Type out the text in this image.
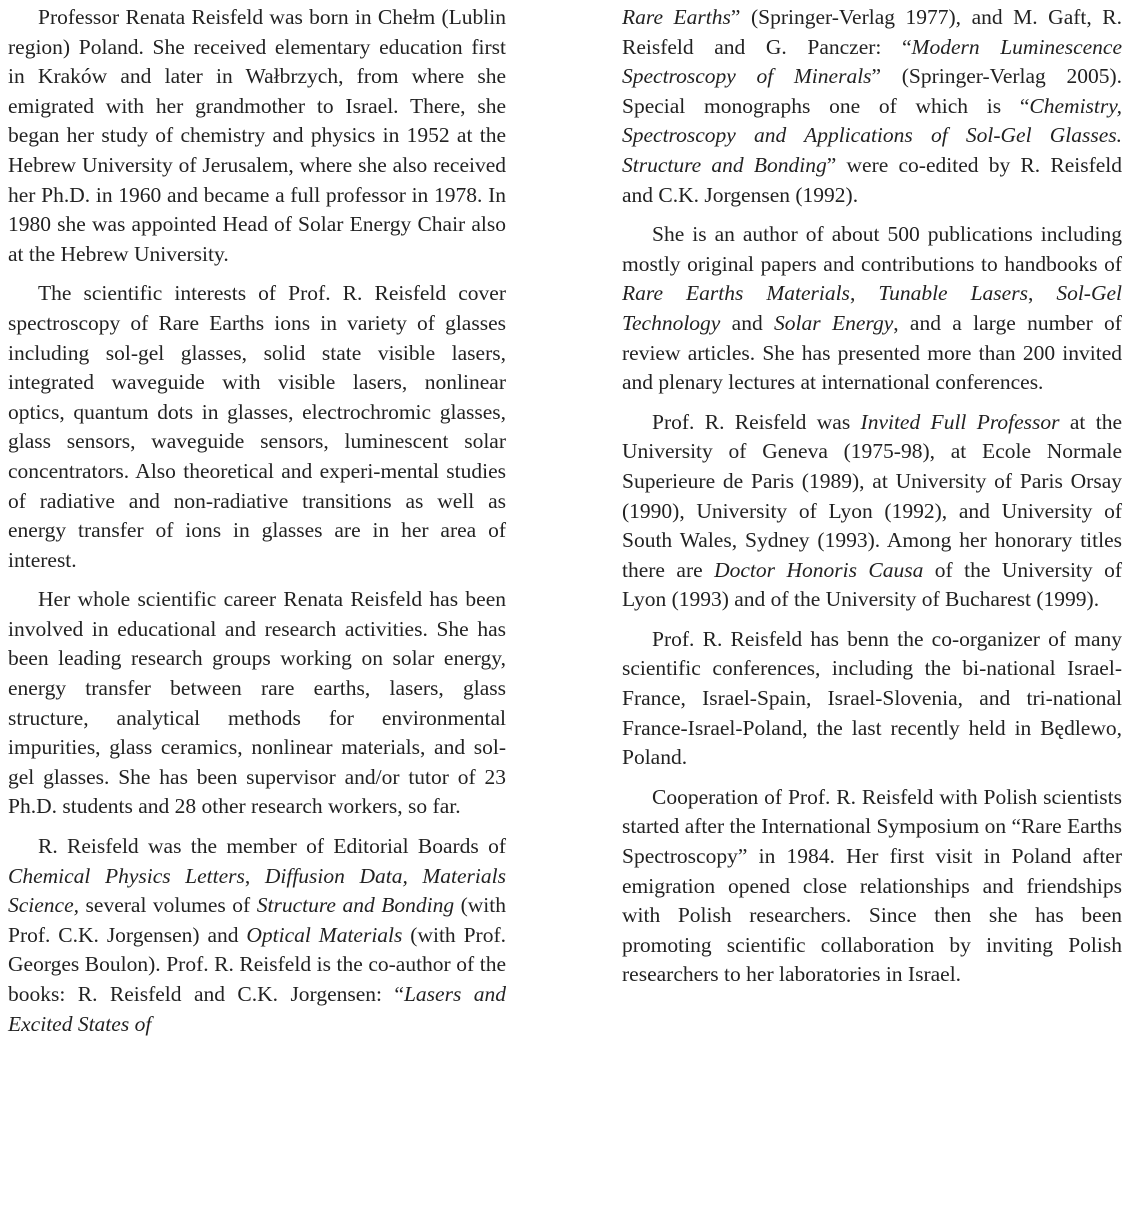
Professor Renata Reisfeld was born in Chełm (Lublin region) Poland. She received elementary education first in Kraków and later in Wałbrzych, from where she emigrated with her grandmother to Israel. There, she began her study of chemistry and physics in 1952 at the Hebrew University of Jerusalem, where she also received her Ph.D. in 1960 and became a full professor in 1978. In 1980 she was appointed Head of Solar Energy Chair also at the Hebrew University.

The scientific interests of Prof. R. Reisfeld cover spectroscopy of Rare Earths ions in variety of glasses including sol-gel glasses, solid state visible lasers, integrated waveguide with visible lasers, nonlinear optics, quantum dots in glasses, electrochromic glasses, glass sensors, waveguide sensors, luminescent solar concentrators. Also theoretical and experi-mental studies of radiative and non-radiative transitions as well as energy transfer of ions in glasses are in her area of interest.

Her whole scientific career Renata Reisfeld has been involved in educational and research activities. She has been leading research groups working on solar energy, energy transfer between rare earths, lasers, glass structure, analytical methods for environmental impurities, glass ceramics, nonlinear materials, and sol-gel glasses. She has been supervisor and/or tutor of 23 Ph.D. students and 28 other research workers, so far.

R. Reisfeld was the member of Editorial Boards of Chemical Physics Letters, Diffusion Data, Materials Science, several volumes of Structure and Bonding (with Prof. C.K. Jorgensen) and Optical Materials (with Prof. Georges Boulon). Prof. R. Reisfeld is the co-author of the books: R. Reisfeld and C.K. Jorgensen: “Lasers and Excited States of

Rare Earths” (Springer-Verlag 1977), and M. Gaft, R. Reisfeld and G. Panczer: “Modern Luminescence Spectroscopy of Minerals” (Springer-Verlag 2005). Special monographs one of which is “Chemistry, Spectroscopy and Applications of Sol-Gel Glasses. Structure and Bonding” were co-edited by R. Reisfeld and C.K. Jorgensen (1992).

She is an author of about 500 publications including mostly original papers and contributions to handbooks of Rare Earths Materials, Tunable Lasers, Sol-Gel Technology and Solar Energy, and a large number of review articles. She has presented more than 200 invited and plenary lectures at international conferences.

Prof. R. Reisfeld was Invited Full Professor at the University of Geneva (1975-98), at Ecole Normale Superieure de Paris (1989), at University of Paris Orsay (1990), University of Lyon (1992), and University of South Wales, Sydney (1993). Among her honorary titles there are Doctor Honoris Causa of the University of Lyon (1993) and of the University of Bucharest (1999).

Prof. R. Reisfeld has benn the co-organizer of many scientific conferences, including the bi-national Israel-France, Israel-Spain, Israel-Slovenia, and tri-national France-Israel-Poland, the last recently held in Będlewo, Poland.

Cooperation of Prof. R. Reisfeld with Polish scientists started after the International Symposium on “Rare Earths Spectroscopy” in 1984. Her first visit in Poland after emigration opened close relationships and friendships with Polish researchers. Since then she has been promoting scientific collaboration by inviting Polish researchers to her laboratories in Israel.
